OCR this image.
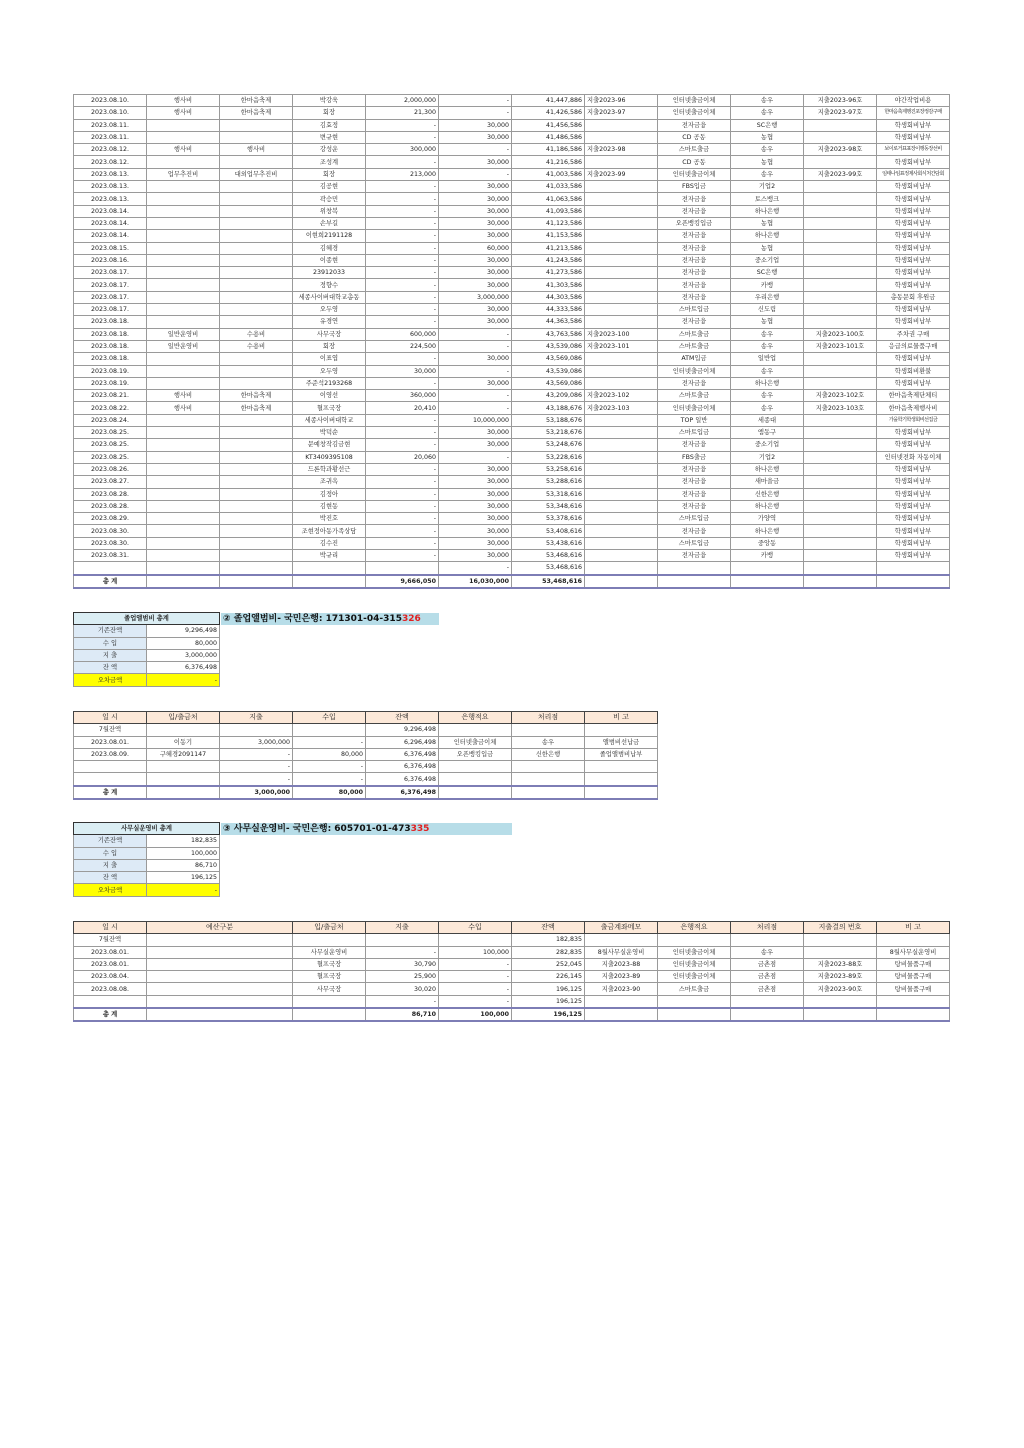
2023.08.10.	행사비	한마음축제	박강욱	2,000,000	-	41,447,886	지출2023-96	인터넷출금이체	송우	지출2023-96호	야간작업비용
2023.08.10.	행사비	한마음축제	회장	21,300	-	41,426,586	지출2023-97	인터넷출금이체	송우	지출2023-97호	한마음축제행진포장정감구매
2023.08.11.			김효정	-	30,000	41,456,586		전자금융	SC은행		학생회비납부
2023.08.11.			변규현	-	30,000	41,486,586		CD 공동	농협		학생회비납부
2023.08.12.	행사비	행사비	강성운	300,000	-	41,186,586	지출2023-98	스마트출금	송우	지출2023-98호	보이로거표표장이행동장선비
2023.08.12.			조성계	-	30,000	41,216,586		CD 공동	농협		학생회비납부
2023.08.13.	업무추진비	대외업무추진비	회장	213,000	-	41,003,586	지출2023-99	인터넷출금이체	송우	지출2023-99호	임태나임표정제사회식처간담회
2023.08.13.			김공현	-	30,000	41,033,586		FBS입금	기업2		학생회비납부
2023.08.13.			곽승민	-	30,000	41,063,586		전자금융	토스뱅크		학생회비납부
2023.08.14.			위창복	-	30,000	41,093,586		전자금융	하나은행		학생회비납부
2023.08.14.			손부길	-	30,000	41,123,586		오픈뱅킹입금	농협		학생회비납부
2023.08.14.			이현희2191128	-	30,000	41,153,586		전자금융	하나은행		학생회비납부
2023.08.15.			김혜경	-	60,000	41,213,586		전자금융	농협		학생회비납부
2023.08.16.			이종현	-	30,000	41,243,586		전자금융	중소기업		학생회비납부
2023.08.17.			23912033	-	30,000	41,273,586		전자금융	SC은행		학생회비납부
2023.08.17.			정향수	-	30,000	41,303,586		전자금융	카뱅		학생회비납부
2023.08.17.			세종사이버대학교총동	-	3,000,000	44,303,586		전자금융	우리은행		총동문회 후원금
2023.08.17.			오두영	-	30,000	44,333,586		스마트입금	신도림		학생회비납부
2023.08.18.			유경연	-	30,000	44,363,586		전자금융	농협		학생회비납부
2023.08.18.	일반운영비	수용비	사무국장	600,000	-	43,763,586	지출2023-100	스마트출금	송우	지출2023-100호	주차권 구매
2023.08.18.	일반운영비	수용비	회장	224,500	-	43,539,086	지출2023-101	스마트출금	송우	지출2023-101호	응급의료물품구매
2023.08.18.			이표엽	-	30,000	43,569,086		ATM입금	일반업		학생회비납부
2023.08.19.			오두영	30,000	-	43,539,086		인터넷출금이체	송우		학생회비환불
2023.08.19.			주준석2193268	-	30,000	43,569,086		전자금융	하나은행		학생회비납부
2023.08.21.	행사비	한마음축제	이영선	360,000	-	43,209,086	지출2023-102	스마트출금	송우	지출2023-102호	한마음축제단체티
2023.08.22.	행사비	한마음축제	혈프국장	20,410	-	43,188,676	지출2023-103	인터넷출금이체	송우	지출2023-103호	한마음축제행사비
2023.08.24.			세종사이버대학교	-	10,000,000	53,188,676		TOP 일반	세종대		가을학기학생회비선집금
2023.08.25.			박덕순	-	30,000	53,218,676		스마트입금	엠동구		학생회비납부
2023.08.25.			문예창작김금현	-	30,000	53,248,676		전자금융	중소기업		학생회비납부
2023.08.25.			KT3409395108	20,060	-	53,228,616		FBS출금	기업2		인터넷전화 자동이체
2023.08.26.			드론학과황선근	-	30,000	53,258,616		전자금융	하나은행		학생회비납부
2023.08.27.			조귀옥	-	30,000	53,288,616		전자금융	새마을금		학생회비납부
2023.08.28.			김정아	-	30,000	53,318,616		전자금융	신한은행		학생회비납부
2023.08.28.			김현동	-	30,000	53,348,616		전자금융	하나은행		학생회비납부
2023.08.29.			박진호	-	30,000	53,378,616		스마트입금	가양역		학생회비납부
2023.08.30.			조현정아동가족상담	-	30,000	53,408,616		전자금융	하나은행		학생회비납부
2023.08.30.			김수진	-	30,000	53,438,616		스마트입금	중앙동		학생회비납부
2023.08.31.			박규리	-	30,000	53,468,616		전자금융	카뱅		학생회비납부
					-	53,468,616					
총 계				9,666,050	16,030,000	53,468,616					
졸업앨범비 총계	
기존잔액	9,296,498
수 입	80,000
지 출	3,000,000
잔 액	6,376,498
오차금액	-
② 졸업앨범비- 국민은행: 171301-04-315326
일 시	입/출금처	지출	수입	잔액	은행적요	처리점	비 고
7월잔액				9,296,498			
2023.08.01.	이동기	3,000,000	-	6,296,498	인터넷출금이체	송우	앨범비선납금
2023.08.09.	구혜경2091147	-	80,000	6,376,498	오픈뱅킹입금	신한은행	졸업앨범비납부
		-	-	6,376,498			
		-	-	6,376,498			
총 계		3,000,000	80,000	6,376,498			
사무실운영비 총계	
기존잔액	182,835
수 입	100,000
지 출	86,710
잔 액	196,125
오차금액	-
③ 사무실운영비- 국민은행: 605701-01-473335
일 시	예산구분	입/출금처	지출	수입	잔액	출금계좌메모	은행적요	처리점	지출결의 번호	비 고
7월잔액					182,835					
2023.08.01.		사무실운영비	-	100,000	282,835	8월사무실운영비	인터넷출금이체	송우		8월사무실운영비
2023.08.01.		혈프국장	30,790	-	252,045	지출2023-88	인터넷출금이체	금촌점	지출2023-88호	탕비물품구매
2023.08.04.		혈프국장	25,900	-	226,145	지출2023-89	인터넷출금이체	금촌점	지출2023-89호	탕비물품구매
2023.08.08.		사무국장	30,020	-	196,125	지출2023-90	스마트출금	금촌점	지출2023-90호	탕비물품구매
			-	-	196,125					
총 계			86,710	100,000	196,125					
